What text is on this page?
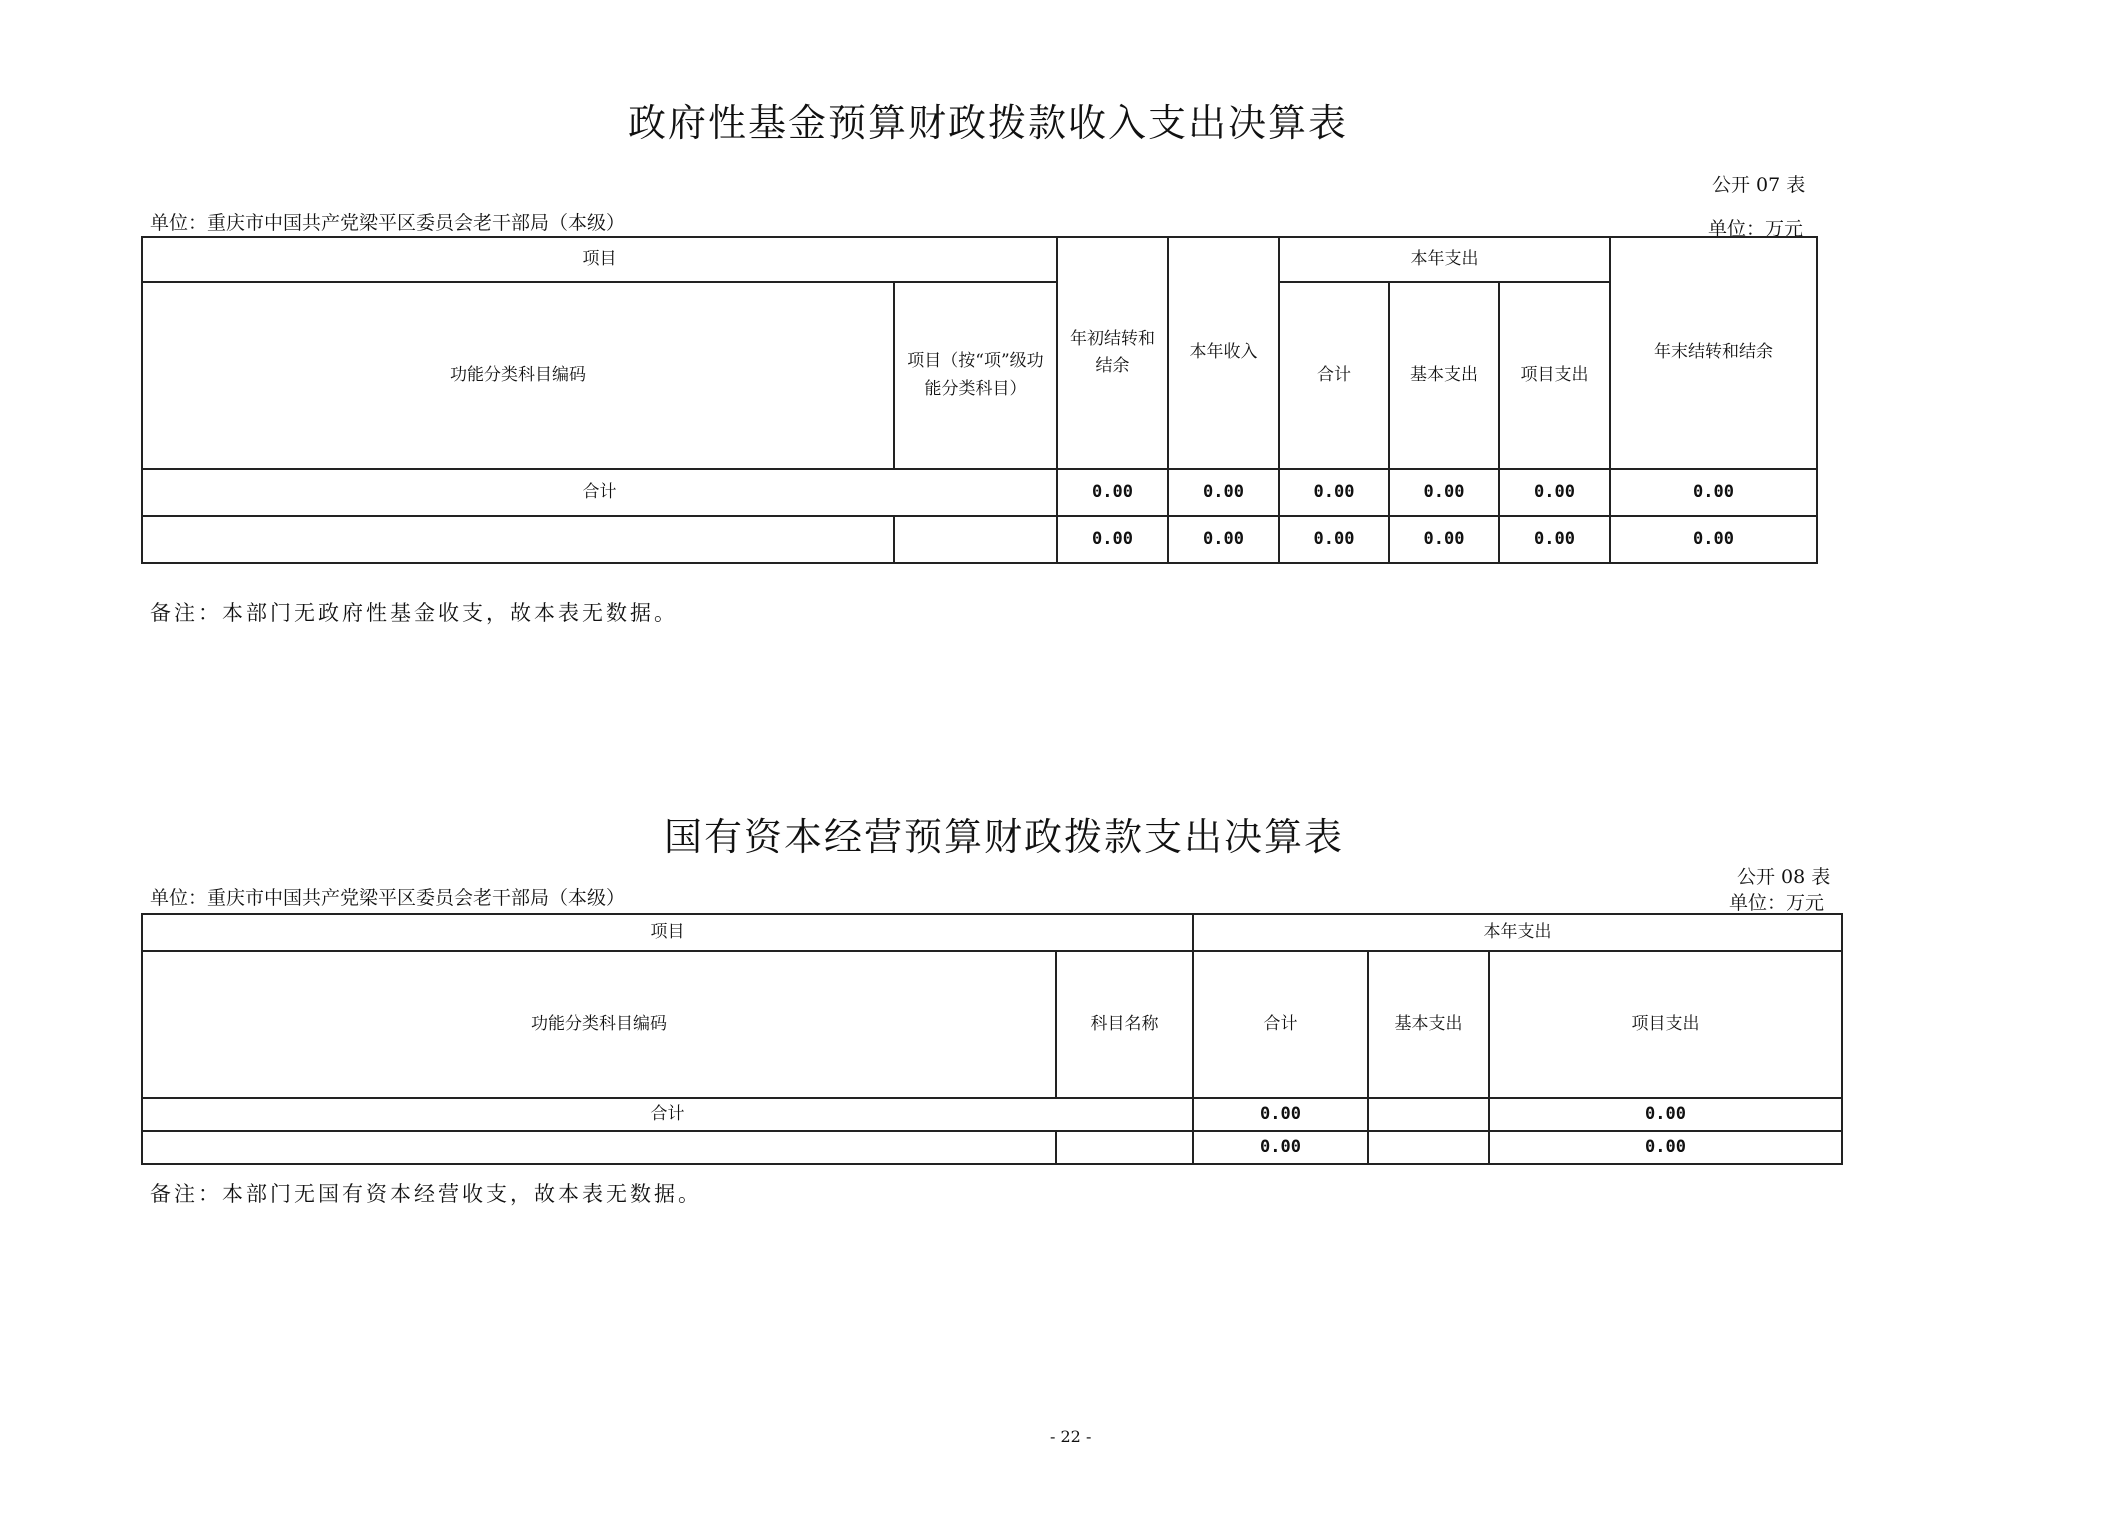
政府性基金预算财政拨款收入支出决算表
公开 07 表
单位：重庆市中国共产党梁平区委员会老干部局（本级）	单位：万元
项目		年初结转和结余	本年收入	本年支出			年末结转和结余
功能分类科目编码	项目（按“项”级功能分类科目）			合计	基本支出	项目支出	

合计		0.00	0.00	0.00	0.00	0.00	0.00
		0.00	0.00	0.00	0.00	0.00	0.00
备注：本部门无政府性基金收支，故本表无数据。
国有资本经营预算财政拨款支出决算表
公开 08 表
单位：重庆市中国共产党梁平区委员会老干部局（本级）	单位：万元
项目		本年支出		
功能分类科目编码	科目名称	合计	基本支出	项目支出
合计		0.00		0.00
		0.00		0.00
备注：本部门无国有资本经营收支，故本表无数据。
- 22 -
